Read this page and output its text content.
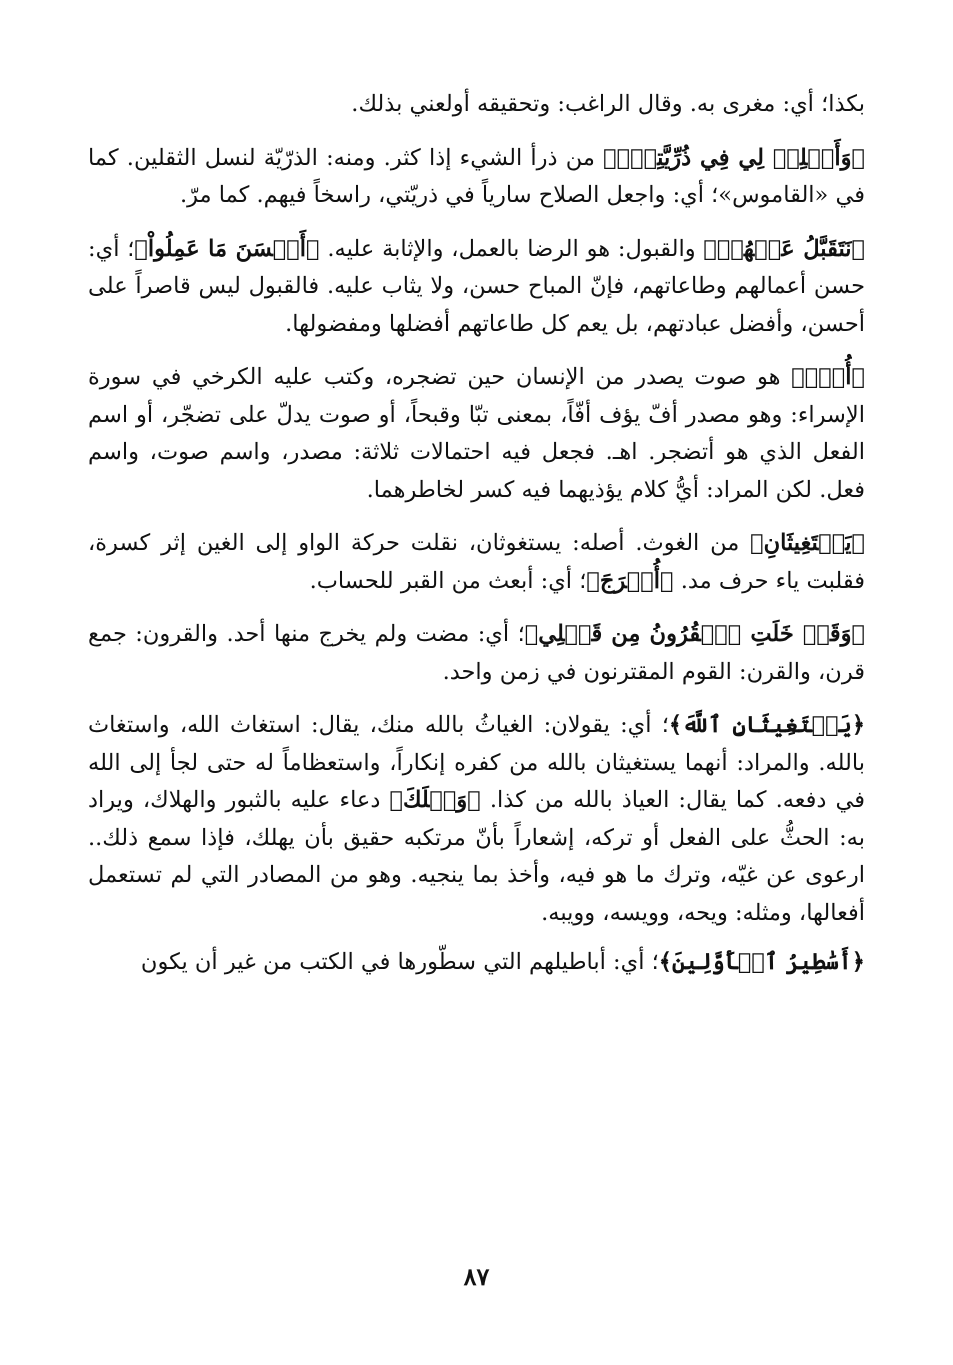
بكذا؛ أي: مغرى به. وقال الراغب: وتحقيقه أولعني بذلك.

﴿وَأَصۡلِحۡ لِي فِي ذُرِّيَّتِيٓۖ﴾ من ذرأ الشيء إذا كثر. ومنه: الذرّيّة لنسل الثقلين. كما في «القاموس»؛ أي: واجعل الصلاح سارياً في ذريّتي، راسخاً فيهم. كما مرّ.

﴿نَتَقَبَّلُ عَنۡهُمۡ﴾ والقبول: هو الرضا بالعمل، والإثابة عليه. ﴿أَحۡسَنَ مَا عَمِلُواْ﴾؛ أي: حسن أعمالهم وطاعاتهم، فإنّ المباح حسن، ولا يثاب عليه. فالقبول ليس قاصراً على أحسن، وأفضل عبادتهم، بل يعم كل طاعاتهم أفضلها ومفضولها.

﴿أُفّٖ﴾ هو صوت يصدر من الإنسان حين تضجره، وكتب عليه الكرخي في سورة الإسراء: وهو مصدر أفّ يؤف أفّاً، بمعنى تبّا وقبحاً، أو صوت يدلّ على تضجّر، أو اسم الفعل الذي هو أتضجر. اهـ. فجعل فيه احتمالات ثلاثة: مصدر، واسم صوت، واسم فعل. لكن المراد: أيُّ كلام يؤذيهما فيه كسر لخاطرهما.

﴿يَسۡتَغِيثَانِ﴾ من الغوث. أصله: يستغوثان، نقلت حركة الواو إلى الغين إثر كسرة، فقلبت ياء حرف مد. ﴿أُخۡرَجَ﴾؛ أي: أبعث من القبر للحساب.

﴿وَقَدۡ خَلَتِ ٱلۡقُرُونُ مِن قَبۡلِي﴾؛ أي: مضت ولم يخرج منها أحد. والقرون: جمع قرن، والقرن: القوم المقترنون في زمن واحد.

﴿يَسۡتَغِيثَانِ ٱللَّهَ﴾؛ أي: يقولان: الغياثُ بالله منك، يقال: استغاث الله، واستغاث بالله. والمراد: أنهما يستغيثان بالله من كفره إنكاراً، واستعظاماً له حتى لجأ إلى الله في دفعه. كما يقال: العياذ بالله من كذا. ﴿وَيۡلَكَ﴾ دعاء عليه بالثبور والهلاك، ويراد به: الحثُّ على الفعل أو تركه، إشعاراً بأنّ مرتكبه حقيق بأن يهلك، فإذا سمع ذلك.. ارعوى عن غيّه، وترك ما هو فيه، وأخذ بما ينجيه. وهو من المصادر التي لم تستعمل أفعالها، ومثله: ويحه، وويسه، وويبه.

﴿أَسَٰطِيرُ ٱلۡأَوَّلِينَ﴾؛ أي: أباطيلهم التي سطّورها في الكتب من غير أن يكون

٨٧
